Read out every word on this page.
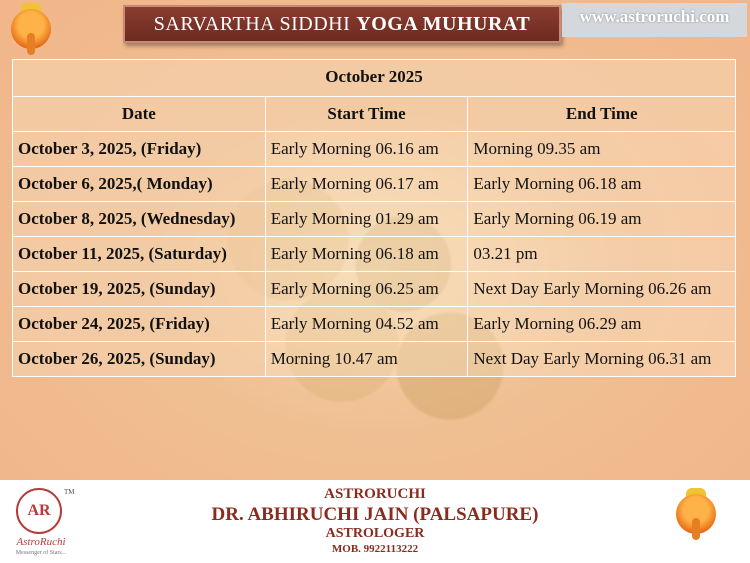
SARVARTHA SIDDHI YOGA MUHURAT	www.astroruchi.com
October 2025		
Date	Start Time	End Time
October 3, 2025, (Friday)	Early Morning 06.16 am	Morning 09.35 am
October 6, 2025,( Monday)	Early Morning 06.17 am	Early Morning 06.18 am
October 8, 2025, (Wednesday)	Early Morning 01.29 am	Early Morning 06.19 am
October 11, 2025, (Saturday)	Early Morning 06.18 am	03.21 pm
October 19, 2025, (Sunday)	Early Morning 06.25 am	Next Day Early Morning 06.26 am
October 24, 2025, (Friday)	Early Morning 04.52 am	Early Morning 06.29 am
October 26, 2025, (Sunday)	Morning 10.47 am	Next Day Early Morning 06.31 am
AR
TM
AstroRuchi
Messenger of Stars...
ASTRORUCHI
DR. ABHIRUCHI JAIN (PALSAPURE)
ASTROLOGER
MOB. 9922113222
